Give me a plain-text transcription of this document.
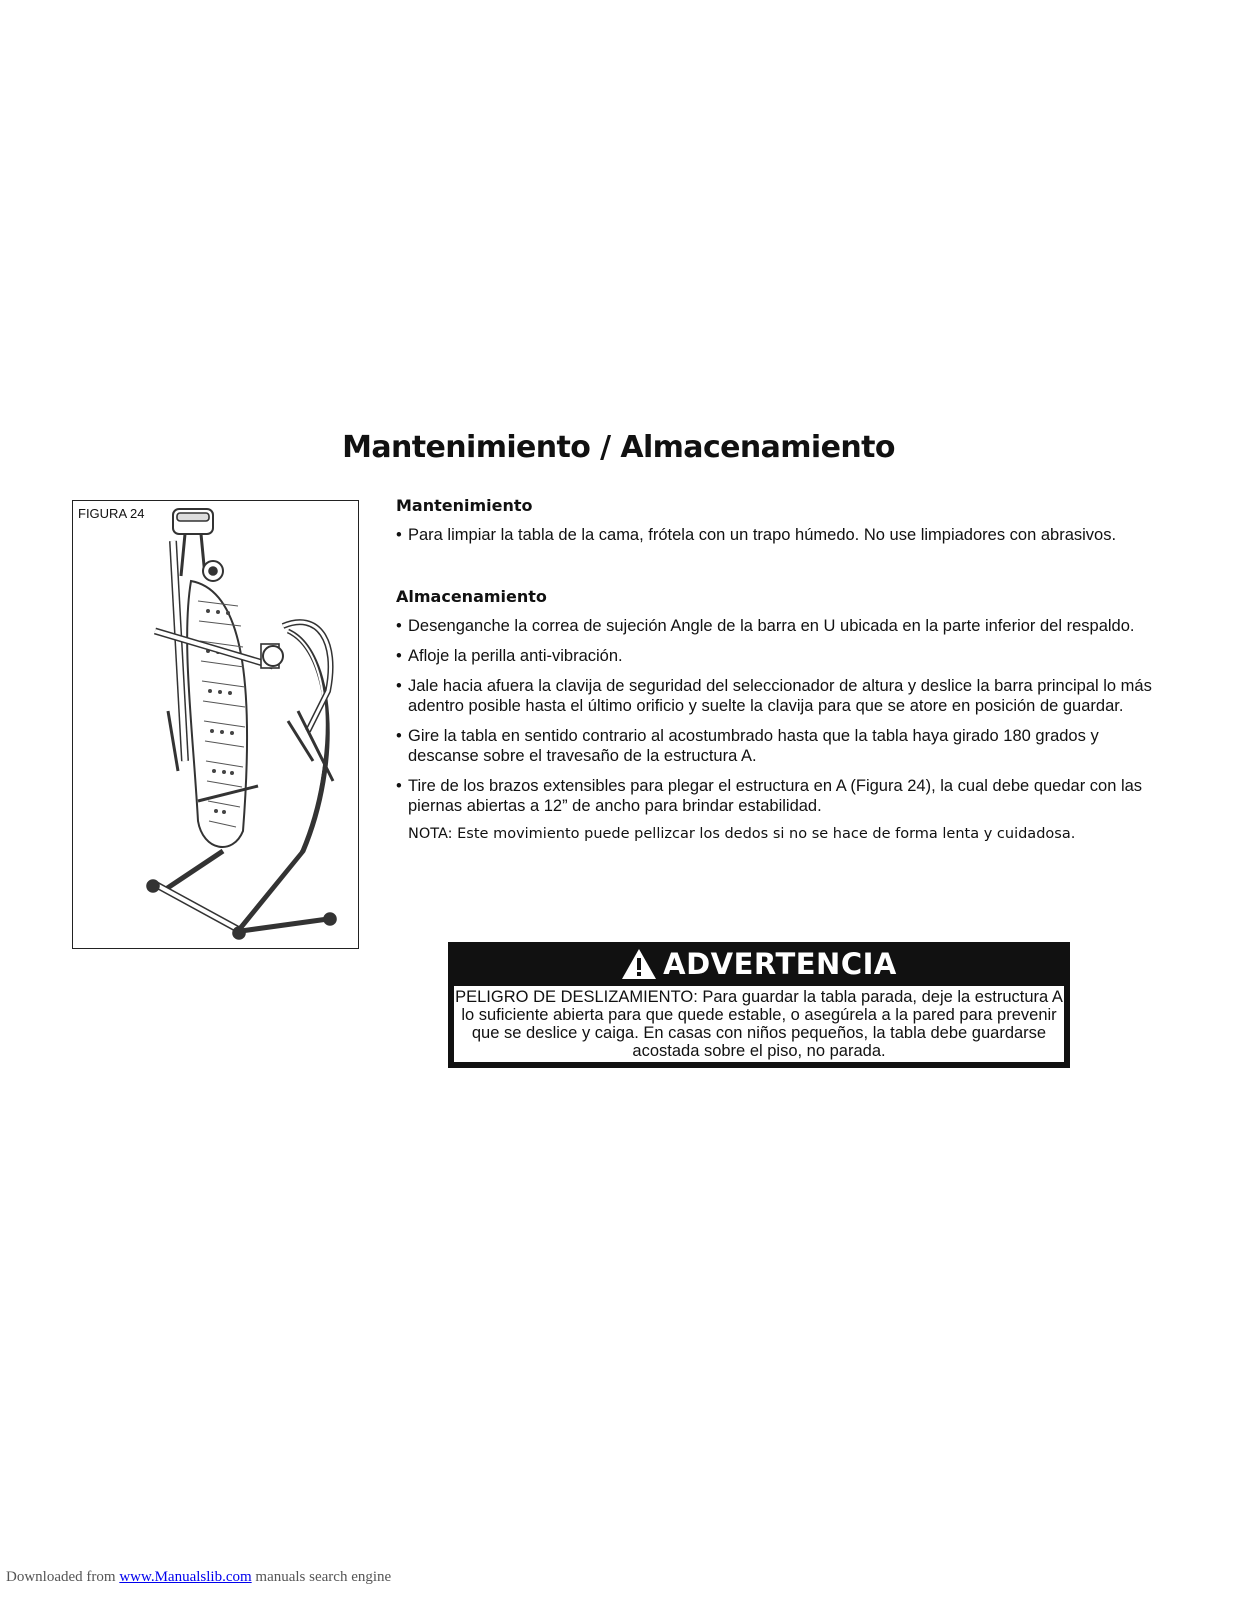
Mantenimiento / Almacenamiento
FIGURA 24	Mantenimiento
• Para limpiar la tabla de la cama, frótela con un trapo húmedo. No use limpiadores con abrasivos.
Almacenamiento
• Desenganche la correa de sujeción Angle de la barra en U ubicada en la parte inferior del respaldo.
• Afloje la perilla anti-vibración.
• Jale hacia afuera la clavija de seguridad del seleccionador de altura y deslice la barra principal lo más adentro posible hasta el último orificio y suelte la clavija para que se atore en posición de guardar.
• Gire la tabla en sentido contrario al acostumbrado hasta que la tabla haya girado 180 grados y descanse sobre el travesaño de la estructura A.
• Tire de los brazos extensibles para plegar el estructura en A (Figura 24), la cual debe quedar con las piernas abiertas a 12” de ancho para brindar estabilidad.
NOTA: Este movimiento puede pellizcar los dedos si no se hace de forma lenta y cuidadosa.
ADVERTENCIA
PELIGRO DE DESLIZAMIENTO: Para guardar la tabla parada, deje la estructura A lo suficiente abierta para que quede estable, o asegúrela a la pared para prevenir que se deslice y caiga. En casas con niños pequeños, la tabla debe guardarse acostada sobre el piso, no parada.
Downloaded from www.Manualslib.com manuals search engine
